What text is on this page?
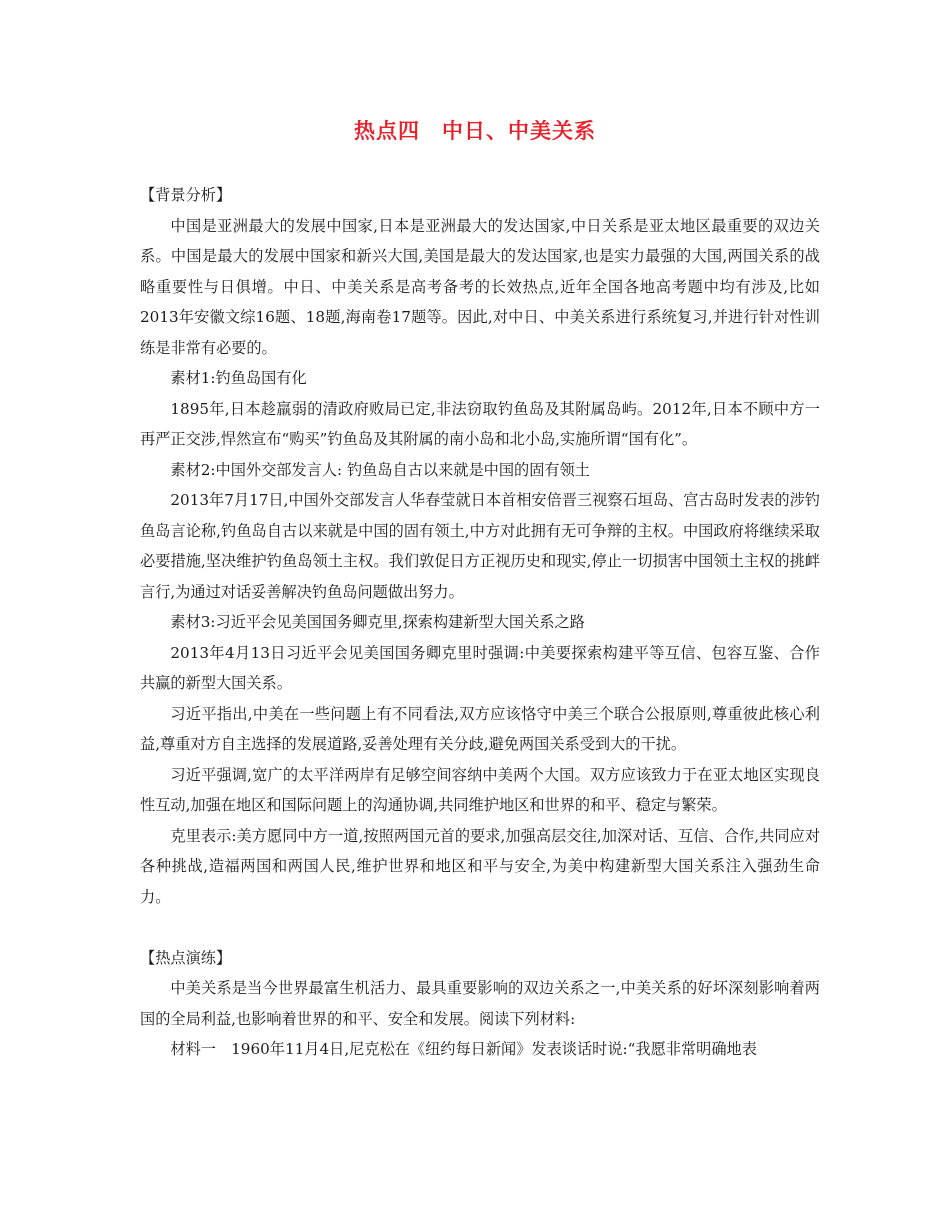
热点四　中日、中美关系

【背景分析】

中国是亚洲最大的发展中国家,日本是亚洲最大的发达国家,中日关系是亚太地区最重要的双边关系。中国是最大的发展中国家和新兴大国,美国是最大的发达国家,也是实力最强的大国,两国关系的战略重要性与日俱增。中日、中美关系是高考备考的长效热点,近年全国各地高考题中均有涉及,比如2013年安徽文综16题、18题,海南卷17题等。因此,对中日、中美关系进行系统复习,并进行针对性训练是非常有必要的。

素材1:钓鱼岛国有化

1895年,日本趁羸弱的清政府败局已定,非法窃取钓鱼岛及其附属岛屿。2012年,日本不顾中方一再严正交涉,悍然宣布“购买”钓鱼岛及其附属的南小岛和北小岛,实施所谓“国有化”。

素材2:中国外交部发言人: 钓鱼岛自古以来就是中国的固有领土

2013年7月17日,中国外交部发言人华春莹就日本首相安倍晋三视察石垣岛、宫古岛时发表的涉钓鱼岛言论称,钓鱼岛自古以来就是中国的固有领土,中方对此拥有无可争辩的主权。中国政府将继续采取必要措施,坚决维护钓鱼岛领土主权。我们敦促日方正视历史和现实,停止一切损害中国领土主权的挑衅言行,为通过对话妥善解决钓鱼岛问题做出努力。

素材3:习近平会见美国国务卿克里,探索构建新型大国关系之路

2013年4月13日习近平会见美国国务卿克里时强调:中美要探索构建平等互信、包容互鉴、合作共赢的新型大国关系。

习近平指出,中美在一些问题上有不同看法,双方应该恪守中美三个联合公报原则,尊重彼此核心利益,尊重对方自主选择的发展道路,妥善处理有关分歧,避免两国关系受到大的干扰。

习近平强调,宽广的太平洋两岸有足够空间容纳中美两个大国。双方应该致力于在亚太地区实现良性互动,加强在地区和国际问题上的沟通协调,共同维护地区和世界的和平、稳定与繁荣。

克里表示:美方愿同中方一道,按照两国元首的要求,加强高层交往,加深对话、互信、合作,共同应对各种挑战,造福两国和两国人民,维护世界和地区和平与安全,为美中构建新型大国关系注入强劲生命力。

【热点演练】

中美关系是当今世界最富生机活力、最具重要影响的双边关系之一,中美关系的好坏深刻影响着两国的全局利益,也影响着世界的和平、安全和发展。阅读下列材料:

材料一　1960年11月4日,尼克松在《纽约每日新闻》发表谈话时说:“我愿非常明确地表
